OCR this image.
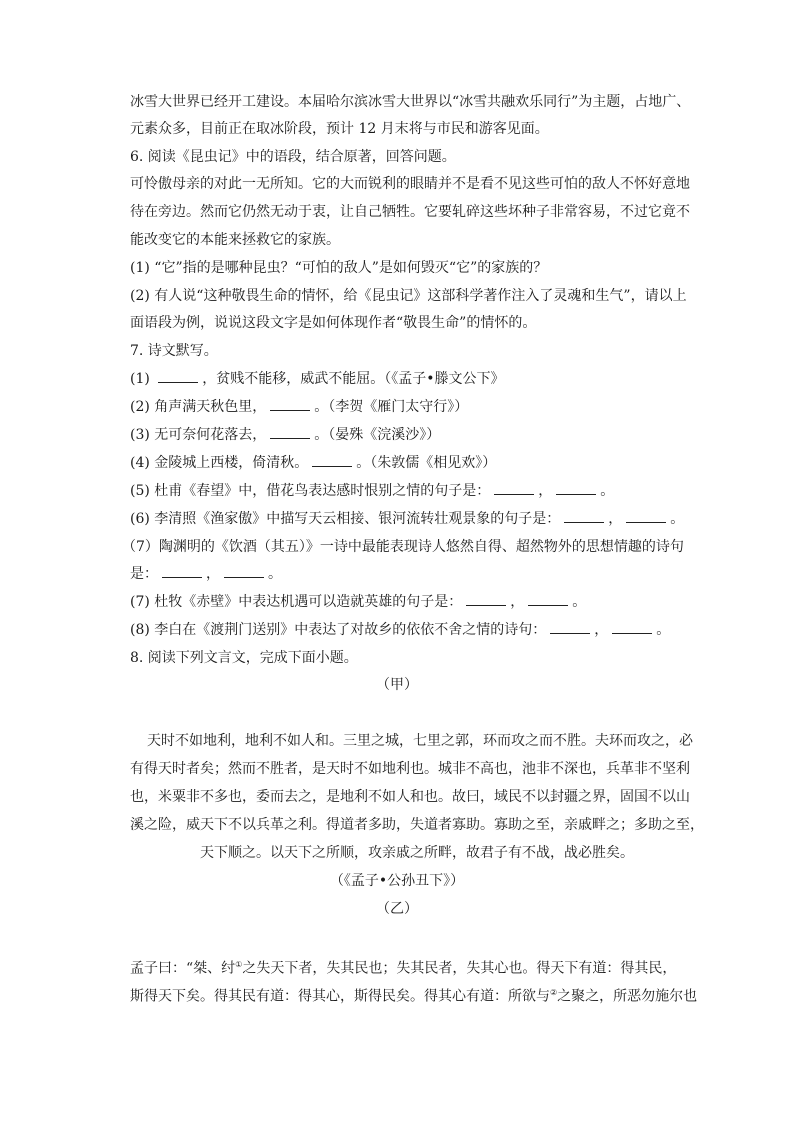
冰雪大世界已经开工建设。本届哈尔滨冰雪大世界以“冰雪共融欢乐同行”为主题，占地广、
元素众多，目前正在取冰阶段，预计 12 月末将与市民和游客见面。
6. 阅读《昆虫记》中的语段，结合原著，回答问题。
可怜傲母亲的对此一无所知。它的大而锐利的眼睛并不是看不见这些可怕的敌人不怀好意地
待在旁边。然而它仍然无动于衷，让自己牺牲。它要轧碎这些坏种子非常容易，不过它竟不
能改变它的本能来拯救它的家族。
(1) “它”指的是哪种昆虫？“可怕的敌人”是如何毁灭“它”的家族的？
(2) 有人说“这种敬畏生命的情怀，给《昆虫记》这部科学著作注入了灵魂和生气”，请以上
面语段为例，说说这段文字是如何体现作者“敬畏生命”的情怀的。
7. 诗文默写。
(1)	，贫贱不能移，威武不能屈。（《孟子•滕文公下》
(2) 角声满天秋色里，	。（李贺《雁门太守行》）
(3) 无可奈何花落去，	。（晏殊《浣溪沙》）
(4) 金陵城上西楼，倚清秋。	。（朱敦儒《相见欢》）
(5) 杜甫《春望》中，借花鸟表达感时恨别之情的句子是：	，	。
(6) 李清照《渔家傲》中描写天云相接、银河流转壮观景象的句子是：	，	。
（7）陶渊明的《饮酒（其五）》一诗中最能表现诗人悠然自得、超然物外的思想情趣的诗句
是：	，	。
(7) 杜牧《赤壁》中表达机遇可以造就英雄的句子是：	，	。
(8) 李白在《渡荆门送别》中表达了对故乡的依依不舍之情的诗句：	，	。
8. 阅读下列文言文，完成下面小题。
（甲）
天时不如地利，地利不如人和。三里之城，七里之郭，环而攻之而不胜。夫环而攻之，必
有得天时者矣；然而不胜者，是天时不如地利也。城非不高也，池非不深也，兵革非不坚利
也，米粟非不多也，委而去之，是地利不如人和也。故曰，域民不以封疆之界，固国不以山
溪之险，威天下不以兵革之利。得道者多助，失道者寡助。寡助之至，亲戚畔之；多助之至，
天下顺之。以天下之所顺，攻亲戚之所畔，故君子有不战，战必胜矣。
（《孟子•公孙丑下》）
（乙）
孟子曰：“桀、纣①之失天下者，失其民也；失其民者，失其心也。得天下有道：得其民，
斯得天下矣。得其民有道：得其心，斯得民矣。得其心有道：所欲与②之聚之，所恶勿施尔也
